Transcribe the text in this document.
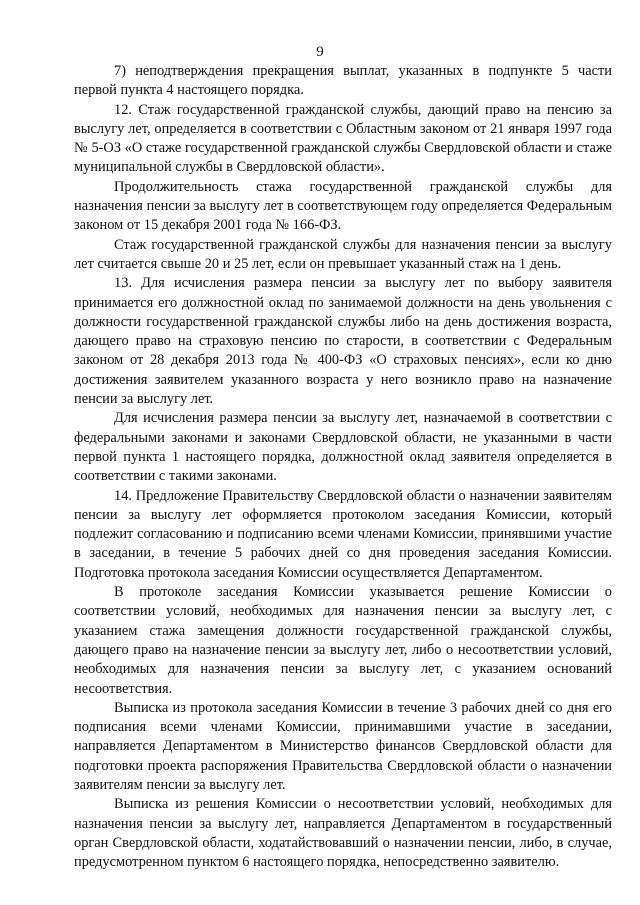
9

7) неподтверждения прекращения выплат, указанных в подпункте 5 части первой пункта 4 настоящего порядка.

12. Стаж государственной гражданской службы, дающий право на пенсию за выслугу лет, определяется в соответствии с Областным законом от 21 января 1997 года № 5-ОЗ «О стаже государственной гражданской службы Свердловской области и стаже муниципальной службы в Свердловской области».

Продолжительность стажа государственной гражданской службы для назначения пенсии за выслугу лет в соответствующем году определяется Федеральным законом от 15 декабря 2001 года № 166-ФЗ.

Стаж государственной гражданской службы для назначения пенсии за выслугу лет считается свыше 20 и 25 лет, если он превышает указанный стаж на 1 день.

13. Для исчисления размера пенсии за выслугу лет по выбору заявителя принимается его должностной оклад по занимаемой должности на день увольнения с должности государственной гражданской службы либо на день достижения возраста, дающего право на страховую пенсию по старости, в соответствии с Федеральным законом от 28 декабря 2013 года № 400-ФЗ «О страховых пенсиях», если ко дню достижения заявителем указанного возраста у него возникло право на назначение пенсии за выслугу лет.

Для исчисления размера пенсии за выслугу лет, назначаемой в соответствии с федеральными законами и законами Свердловской области, не указанными в части первой пункта 1 настоящего порядка, должностной оклад заявителя определяется в соответствии с такими законами.

14. Предложение Правительству Свердловской области о назначении заявителям пенсии за выслугу лет оформляется протоколом заседания Комиссии, который подлежит согласованию и подписанию всеми членами Комиссии, принявшими участие в заседании, в течение 5 рабочих дней со дня проведения заседания Комиссии. Подготовка протокола заседания Комиссии осуществляется Департаментом.

В протоколе заседания Комиссии указывается решение Комиссии о соответствии условий, необходимых для назначения пенсии за выслугу лет, с указанием стажа замещения должности государственной гражданской службы, дающего право на назначение пенсии за выслугу лет, либо о несоответствии условий, необходимых для назначения пенсии за выслугу лет, с указанием оснований несоответствия.

Выписка из протокола заседания Комиссии в течение 3 рабочих дней со дня его подписания всеми членами Комиссии, принимавшими участие в заседании, направляется Департаментом в Министерство финансов Свердловской области для подготовки проекта распоряжения Правительства Свердловской области о назначении заявителям пенсии за выслугу лет.

Выписка из решения Комиссии о несоответствии условий, необходимых для назначения пенсии за выслугу лет, направляется Департаментом в государственный орган Свердловской области, ходатайствовавший о назначении пенсии, либо, в случае, предусмотренном пунктом 6 настоящего порядка, непосредственно заявителю.
